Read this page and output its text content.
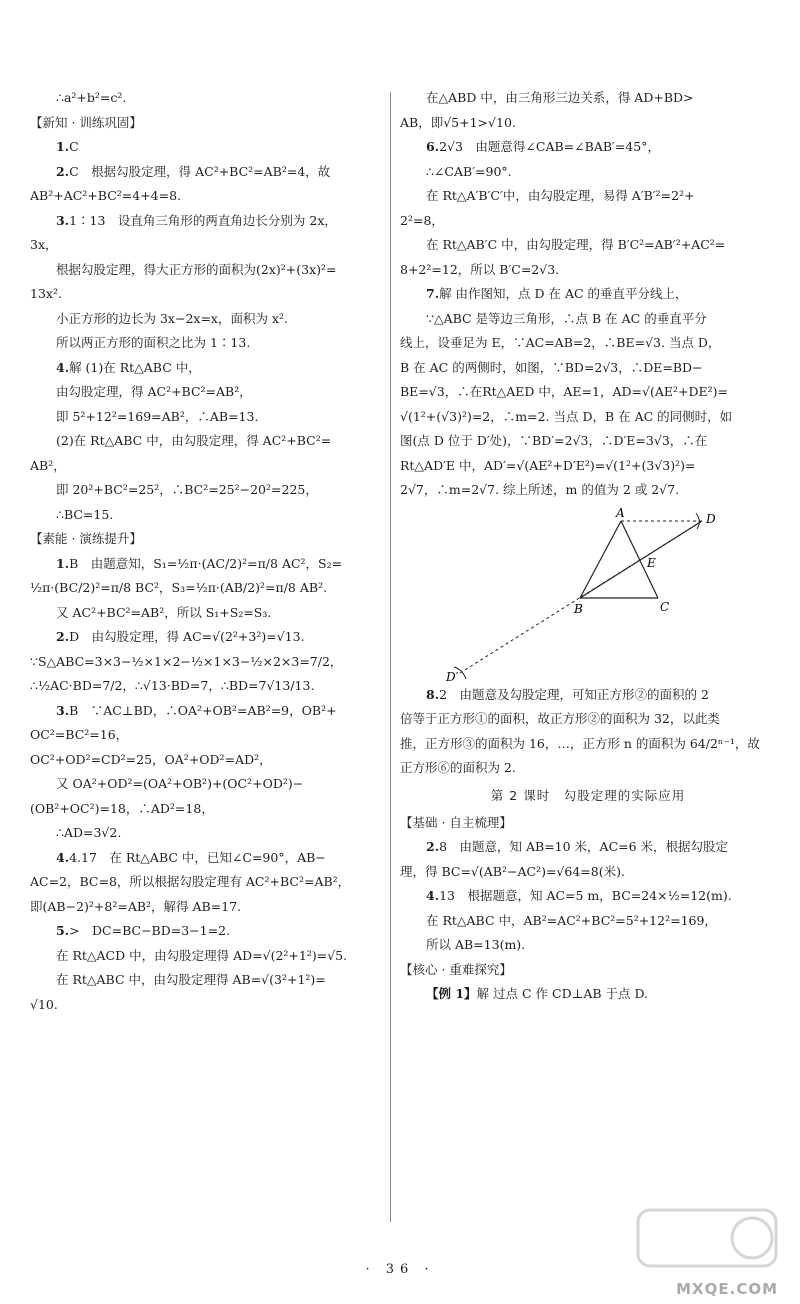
∴a²+b²=c².
【新知 · 训练巩固】
1.C
2.C　根据勾股定理，得 AC²+BC²=AB²=4，故
AB²+AC²+BC²=4+4=8.
3.1∶13　设直角三角形的两直角边长分别为 2x，
3x，
根据勾股定理，得大正方形的面积为(2x)²+(3x)²=
13x².
小正方形的边长为 3x−2x=x，面积为 x².
所以两正方形的面积之比为 1∶13.
4.解 (1)在 Rt△ABC 中，
由勾股定理，得 AC²+BC²=AB²，
即 5²+12²=169=AB²，∴AB=13.
(2)在 Rt△ABC 中，由勾股定理，得 AC²+BC²=
AB²，
即 20²+BC²=25²，∴BC²=25²−20²=225，
∴BC=15.
【素能 · 演练提升】
1.B　由题意知，S₁=½π·(AC/2)²=π/8 AC²，S₂=
½π·(BC/2)²=π/8 BC²，S₃=½π·(AB/2)²=π/8 AB².
又 AC²+BC²=AB²，所以 S₁+S₂=S₃.
2.D　由勾股定理，得 AC=√(2²+3²)=√13.
∵S△ABC=3×3−½×1×2−½×1×3−½×2×3=7/2，
∴½AC·BD=7/2，∴√13·BD=7，∴BD=7√13/13.
3.B　∵AC⊥BD，∴OA²+OB²=AB²=9，OB²+
OC²=BC²=16，
OC²+OD²=CD²=25，OA²+OD²=AD²，
又 OA²+OD²=(OA²+OB²)+(OC²+OD²)−
(OB²+OC²)=18，∴AD²=18，
∴AD=3√2.
4.4.17　在 Rt△ABC 中，已知∠C=90°，AB−
AC=2，BC=8，所以根据勾股定理有 AC²+BC²=AB²，
即(AB−2)²+8²=AB²，解得 AB=17.
5.>　DC=BC−BD=3−1=2.
在 Rt△ACD 中，由勾股定理得 AD=√(2²+1²)=√5.
在 Rt△ABC 中，由勾股定理得 AB=√(3²+1²)=
√10.
在△ABD 中，由三角形三边关系，得 AD+BD>
AB，即√5+1>√10.
6.2√3　由题意得∠CAB=∠BAB′=45°，
∴∠CAB′=90°.
在 Rt△A′B′C′中，由勾股定理，易得 A′B′²=2²+
2²=8，
在 Rt△AB′C 中，由勾股定理，得 B′C²=AB′²+AC²=
8+2²=12，所以 B′C=2√3.
7.解 由作图知，点 D 在 AC 的垂直平分线上，
∵△ABC 是等边三角形，∴点 B 在 AC 的垂直平分
线上，设垂足为 E，∵AC=AB=2，∴BE=√3. 当点 D，
B 在 AC 的两侧时，如图，∵BD=2√3，∴DE=BD−
BE=√3，∴在Rt△AED 中，AE=1，AD=√(AE²+DE²)=
√(1²+(√3)²)=2，∴m=2. 当点 D，B 在 AC 的同侧时，如
图(点 D 位于 D′处)，∵BD′=2√3，∴D′E=3√3，∴在
Rt△AD′E 中，AD′=√(AE²+D′E²)=√(1²+(3√3)²)=
2√7，∴m=2√7. 综上所述，m 的值为 2 或 2√7.
A
B	C
D
E
D′
8.2　由题意及勾股定理，可知正方形②的面积的 2
倍等于正方形①的面积，故正方形②的面积为 32，以此类
推，正方形③的面积为 16，…，正方形 n 的面积为 64/2ⁿ⁻¹，故
正方形⑥的面积为 2.
第 2 课时　勾股定理的实际应用
【基础 · 自主梳理】
2.8　由题意，知 AB=10 米，AC=6 米，根据勾股定
理，得 BC=√(AB²−AC²)=√64=8(米).
4.13　根据题意，知 AC=5 m，BC=24×½=12(m).
在 Rt△ABC 中，AB²=AC²+BC²=5²+12²=169，
所以 AB=13(m).
【核心 · 重难探究】
【例 1】解 过点 C 作 CD⊥AB 于点 D.
· 36 ·
MXQE.COM
